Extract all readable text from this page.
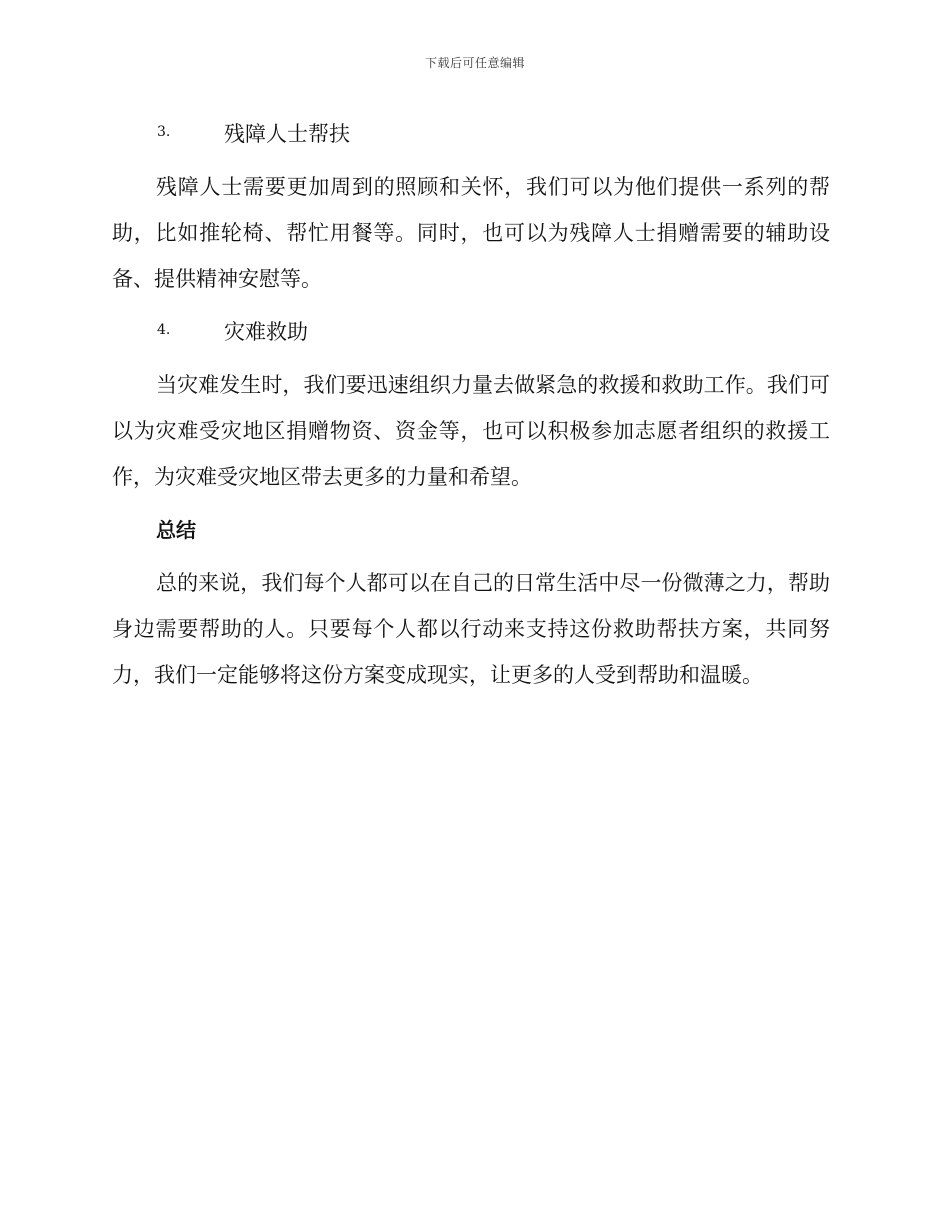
下载后可任意编辑
3.	残障人士帮扶

残障人士需要更加周到的照顾和关怀，我们可以为他们提供一系列的帮助，比如推轮椅、帮忙用餐等。同时，也可以为残障人士捐赠需要的辅助设备、提供精神安慰等。

4.	灾难救助

当灾难发生时，我们要迅速组织力量去做紧急的救援和救助工作。我们可以为灾难受灾地区捐赠物资、资金等，也可以积极参加志愿者组织的救援工作，为灾难受灾地区带去更多的力量和希望。

总结

总的来说，我们每个人都可以在自己的日常生活中尽一份微薄之力，帮助身边需要帮助的人。只要每个人都以行动来支持这份救助帮扶方案，共同努力，我们一定能够将这份方案变成现实，让更多的人受到帮助和温暖。
